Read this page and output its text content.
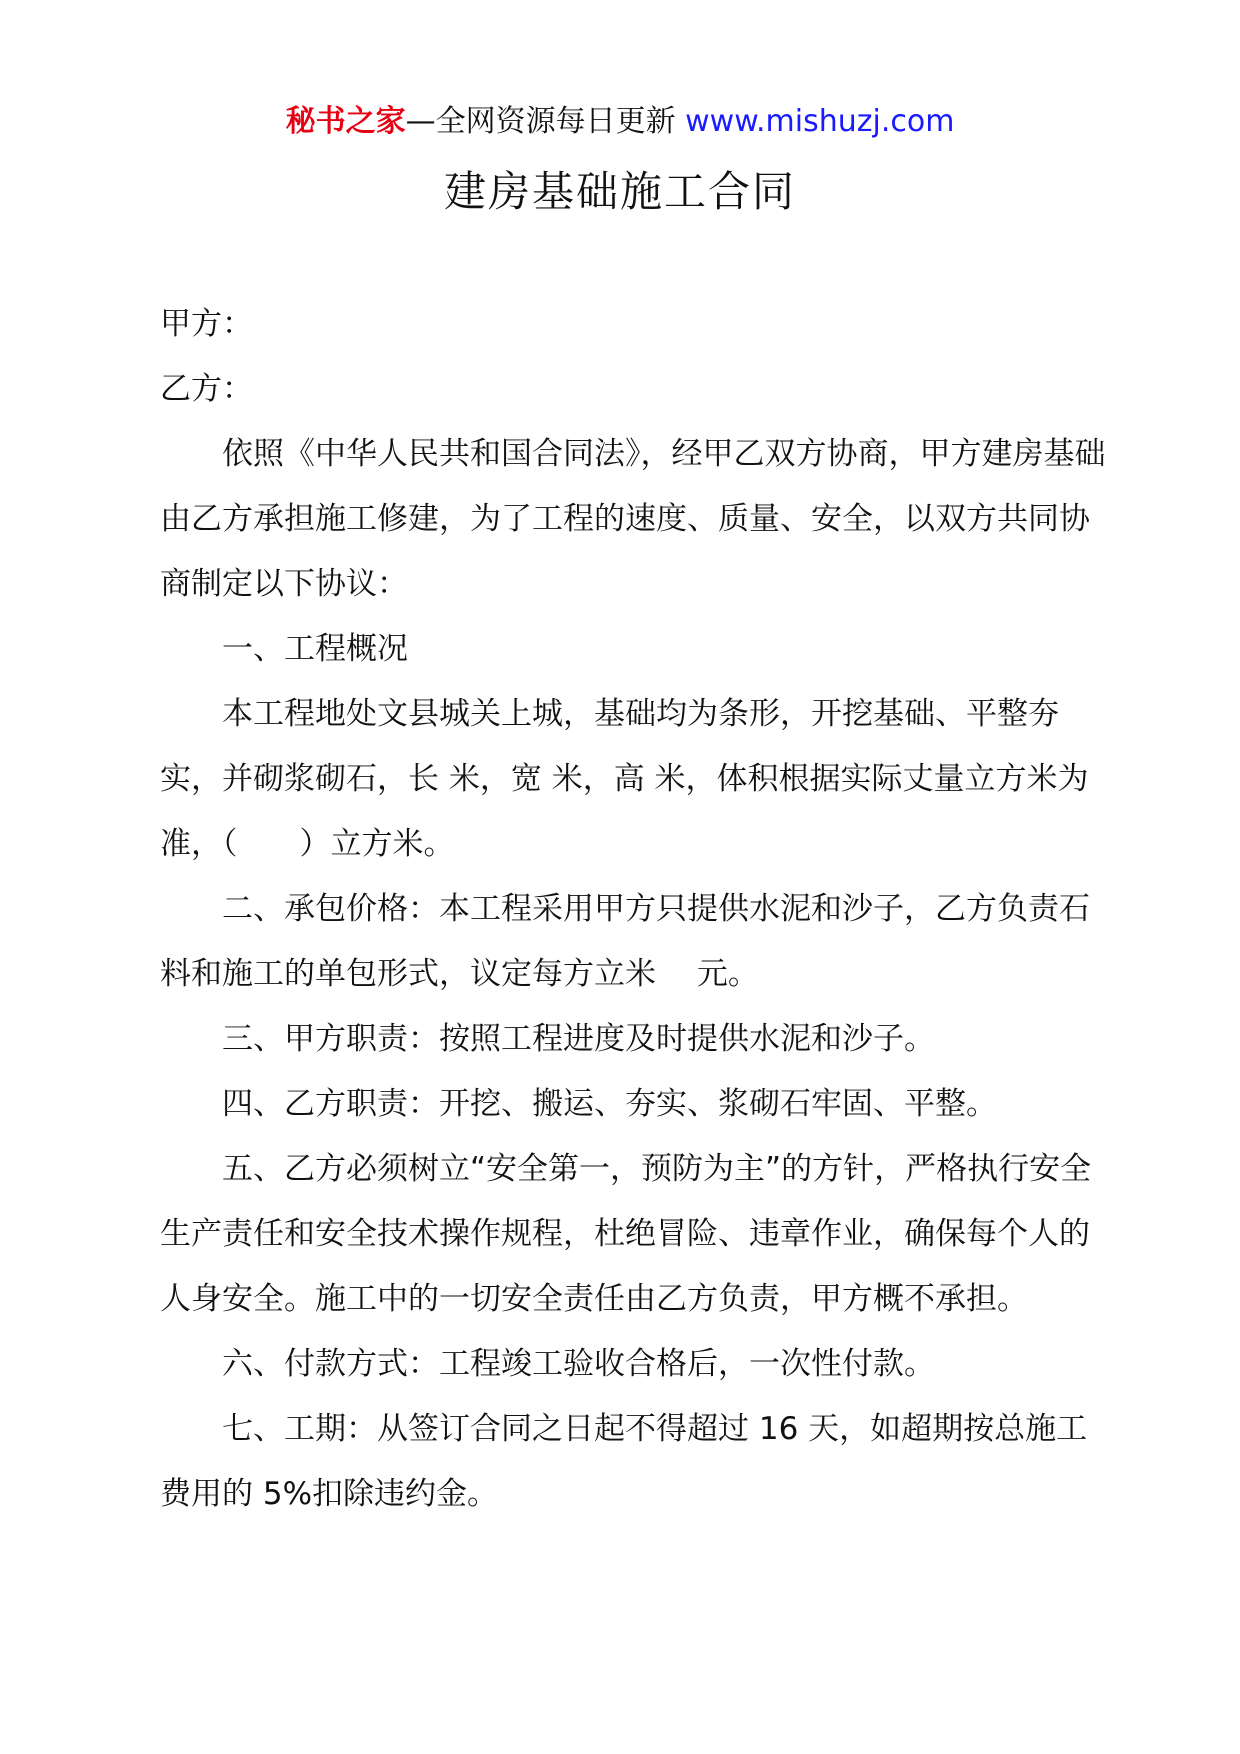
秘书之家—全网资源每日更新 www.mishuzj.com
建房基础施工合同

甲方：

乙方：

依照《中华人民共和国合同法》，经甲乙双方协商，甲方建房基础由乙方承担施工修建，为了工程的速度、质量、安全，以双方共同协商制定以下协议：

一、工程概况

本工程地处文县城关上城，基础均为条形，开挖基础、平整夯实，并砌浆砌石，长 米，宽 米，高 米，体积根据实际丈量立方米为准，（　　）立方米。

二、承包价格：本工程采用甲方只提供水泥和沙子，乙方负责石料和施工的单包形式，议定每方立米　 元。

三、甲方职责：按照工程进度及时提供水泥和沙子。

四、乙方职责：开挖、搬运、夯实、浆砌石牢固、平整。

五、乙方必须树立“安全第一，预防为主”的方针，严格执行安全生产责任和安全技术操作规程，杜绝冒险、违章作业，确保每个人的人身安全。施工中的一切安全责任由乙方负责，甲方概不承担。

六、付款方式：工程竣工验收合格后，一次性付款。

七、工期：从签订合同之日起不得超过 16 天，如超期按总施工费用的 5%扣除违约金。
